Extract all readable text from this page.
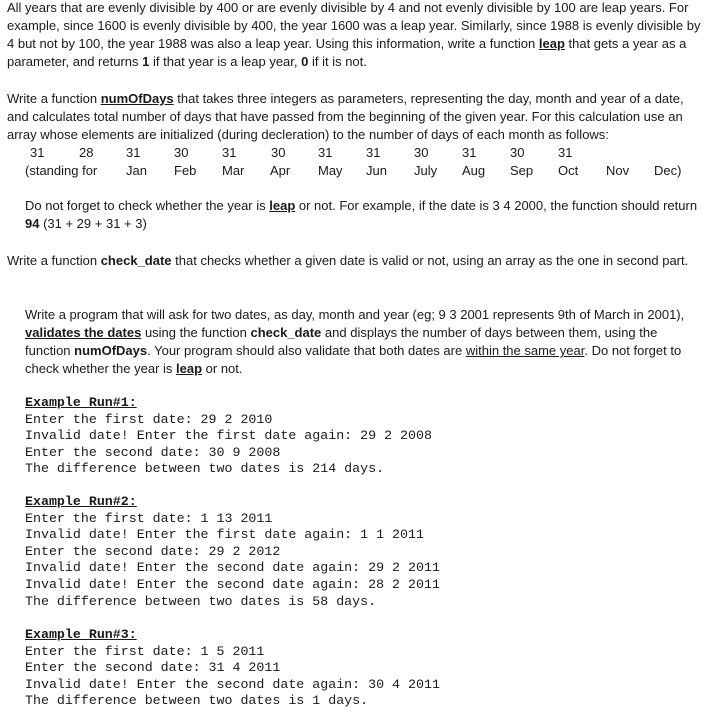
All years that are evenly divisible by 400 or are evenly divisible by 4 and not evenly divisible by 100 are leap years. For example, since 1600 is evenly divisible by 400, the year 1600 was a leap year. Similarly, since 1988 is evenly divisible by 4 but not by 100, the year 1988 was also a leap year. Using this information, write a function leap that gets a year as a parameter, and returns 1 if that year is a leap year, 0 if it is not.

Write a function numOfDays that takes three integers as parameters, representing the day, month and year of a date, and calculates total number of days that have passed from the beginning of the given year. For this calculation use an array whose elements are initialized (during decleration) to the number of days of each month as follows:

31	28	31	30	31	30	31	31	30	31	30	31
(standing for Jan Feb Mar Apr May Jun July Aug Sep Oct Nov Dec)

Do not forget to check whether the year is leap or not. For example, if the date is 3 4 2000, the function should return 94 (31 + 29 + 31 + 3)

Write a function check_date that checks whether a given date is valid or not, using an array as the one in second part.

Write a program that will ask for two dates, as day, month and year (eg; 9 3 2001 represents 9th of March in 2001), validates the dates using the function check_date and displays the number of days between them, using the function numOfDays. Your program should also validate that both dates are within the same year. Do not forget to check whether the year is leap or not.

Example Run#1:
Enter the first date: 29 2 2010
Invalid date! Enter the first date again: 29 2 2008
Enter the second date: 30 9 2008
The difference between two dates is 214 days.
Example Run#2:
Enter the first date: 1 13 2011
Invalid date! Enter the first date again: 1 1 2011
Enter the second date: 29 2 2012
Invalid date! Enter the second date again: 29 2 2011
Invalid date! Enter the second date again: 28 2 2011
The difference between two dates is 58 days.
Example Run#3:
Enter the first date: 1 5 2011
Enter the second date: 31 4 2011
Invalid date! Enter the second date again: 30 4 2011
The difference between two dates is 1 days.
